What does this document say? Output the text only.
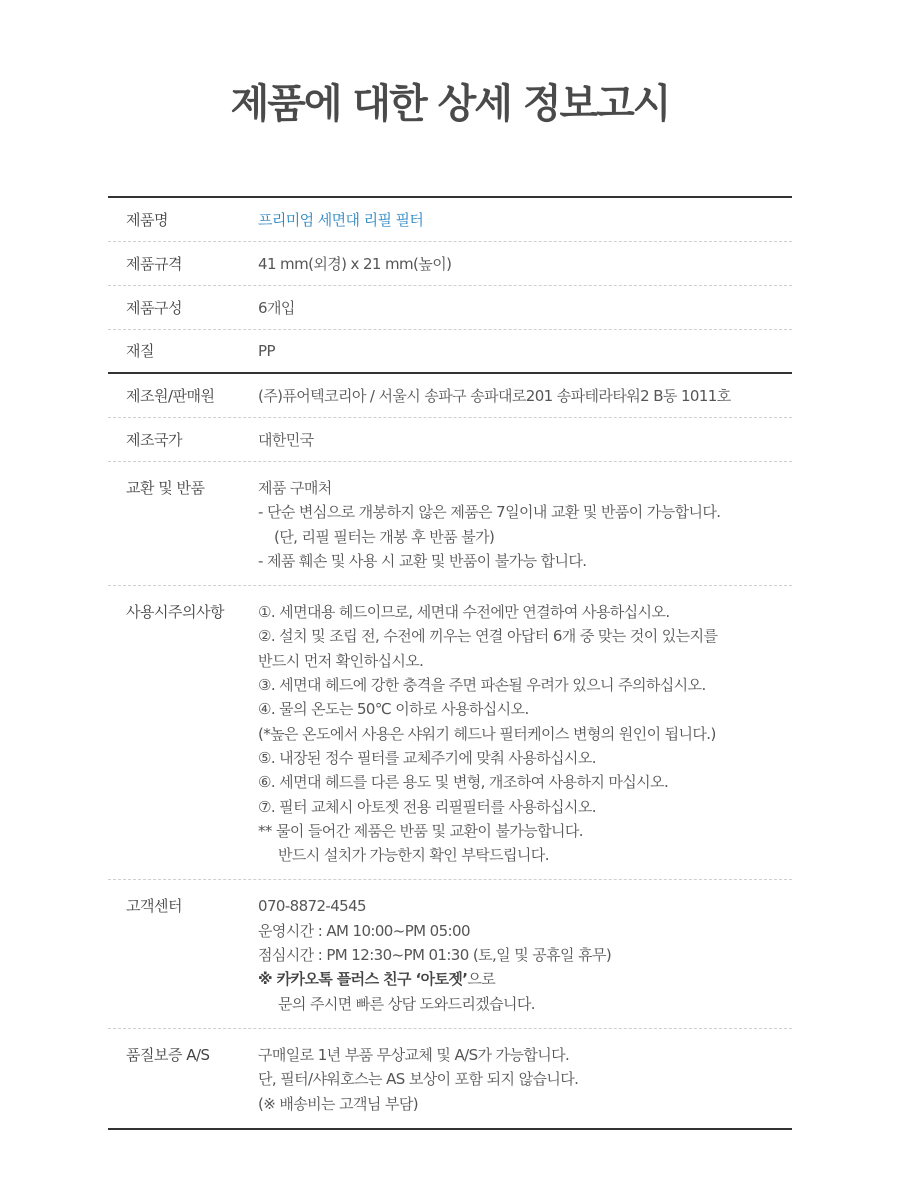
제품에 대한 상세 정보고시
제품명	프리미엄 세면대 리필 필터
제품규격	41 mm(외경) x 21 mm(높이)
제품구성	6개입
재질	PP
제조원/판매원	(주)퓨어텍코리아 / 서울시 송파구 송파대로201 송파테라타워2 B동 1011호
제조국가	대한민국
교환 및 반품	제품 구매처
- 단순 변심으로 개봉하지 않은 제품은 7일이내 교환 및 반품이 가능합니다.
(단, 리필 필터는 개봉 후 반품 불가)
- 제품 훼손 및 사용 시 교환 및 반품이 불가능 합니다.
사용시주의사항	①. 세면대용 헤드이므로, 세면대 수전에만 연결하여 사용하십시오.
②. 설치 및 조립 전, 수전에 끼우는 연결 아답터 6개 중 맞는 것이 있는지를
반드시 먼저 확인하십시오.
③. 세면대 헤드에 강한 충격을 주면 파손될 우려가 있으니 주의하십시오.
④. 물의 온도는 50℃ 이하로 사용하십시오.
(*높은 온도에서 사용은 샤워기 헤드나 필터케이스 변형의 원인이 됩니다.)
⑤. 내장된 정수 필터를 교체주기에 맞춰 사용하십시오.
⑥. 세면대 헤드를 다른 용도 및 변형, 개조하여 사용하지 마십시오.
⑦. 필터 교체시 아토젯 전용 리필필터를 사용하십시오.
** 물이 들어간 제품은 반품 및 교환이 불가능합니다.
반드시 설치가 가능한지 확인 부탁드립니다.
고객센터	070-8872-4545
운영시간 : AM 10:00~PM 05:00
점심시간 : PM 12:30~PM 01:30 (토,일 및 공휴일 휴무)
※ 카카오톡 플러스 친구 ‘아토젯’으로
문의 주시면 빠른 상담 도와드리겠습니다.
품질보증 A/S	구매일로 1년 부품 무상교체 및 A/S가 가능합니다.
단, 필터/샤워호스는 AS 보상이 포함 되지 않습니다.
(※ 배송비는 고객님 부담)
